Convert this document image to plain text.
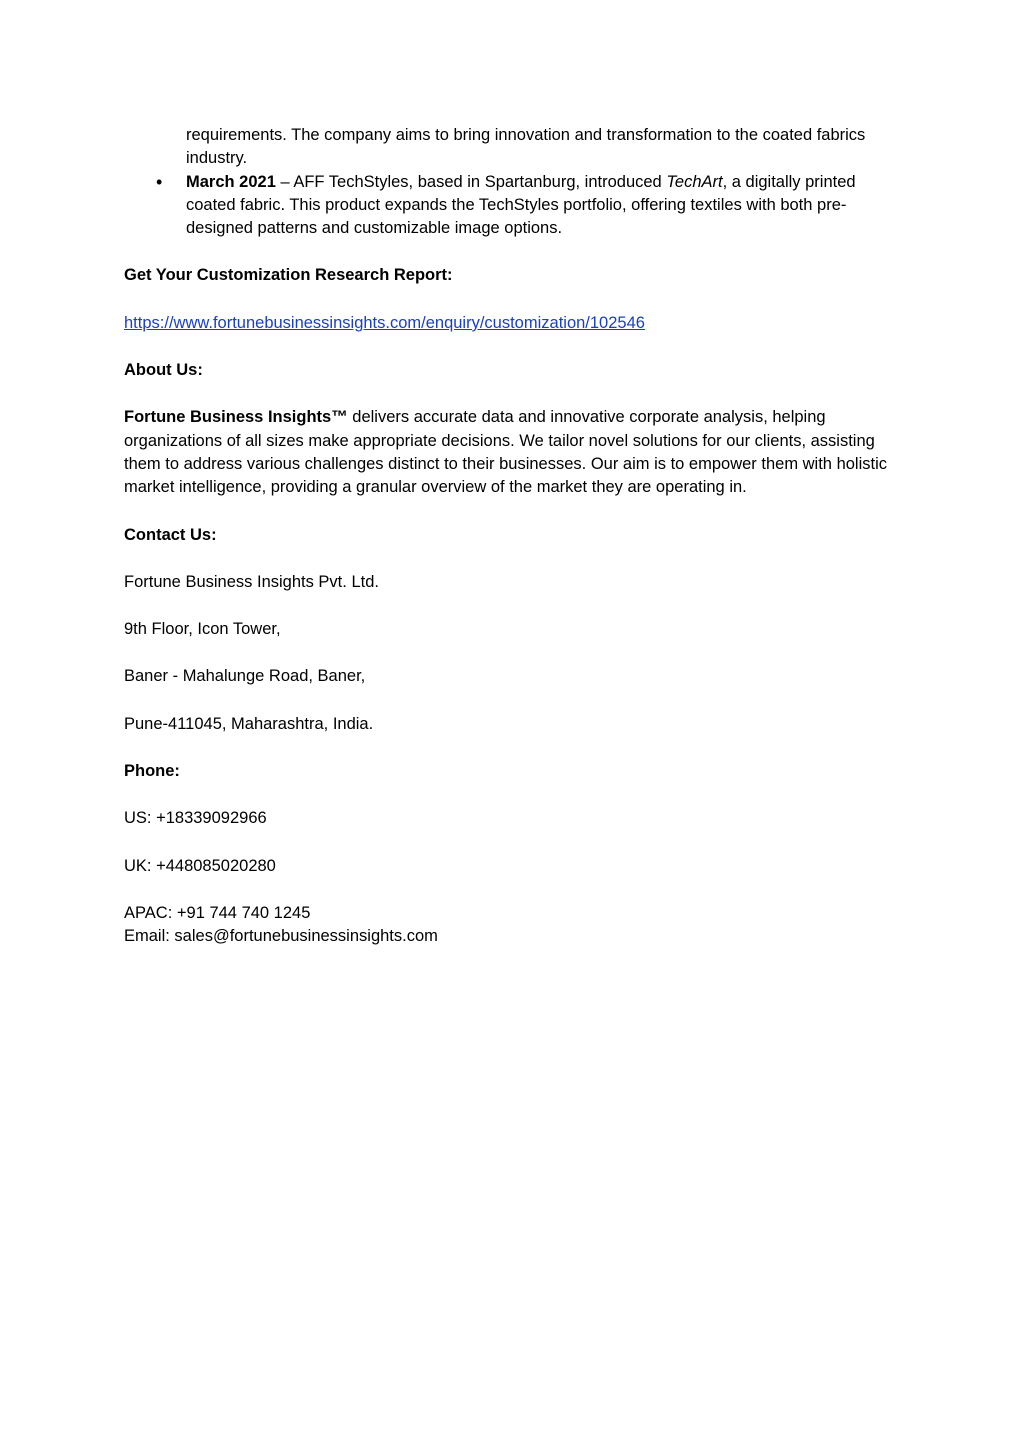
requirements. The company aims to bring innovation and transformation to the coated fabrics industry.

• March 2021 – AFF TechStyles, based in Spartanburg, introduced TechArt, a digitally printed coated fabric. This product expands the TechStyles portfolio, offering textiles with both pre-designed patterns and customizable image options.

Get Your Customization Research Report:

https://www.fortunebusinessinsights.com/enquiry/customization/102546

About Us:

Fortune Business Insights™ delivers accurate data and innovative corporate analysis, helping organizations of all sizes make appropriate decisions. We tailor novel solutions for our clients, assisting them to address various challenges distinct to their businesses. Our aim is to empower them with holistic market intelligence, providing a granular overview of the market they are operating in.

Contact Us:

Fortune Business Insights Pvt. Ltd.

9th Floor, Icon Tower,

Baner - Mahalunge Road, Baner,

Pune-411045, Maharashtra, India.

Phone:

US: +18339092966

UK: +448085020280

APAC: +91 744 740 1245

Email: sales@fortunebusinessinsights.com
